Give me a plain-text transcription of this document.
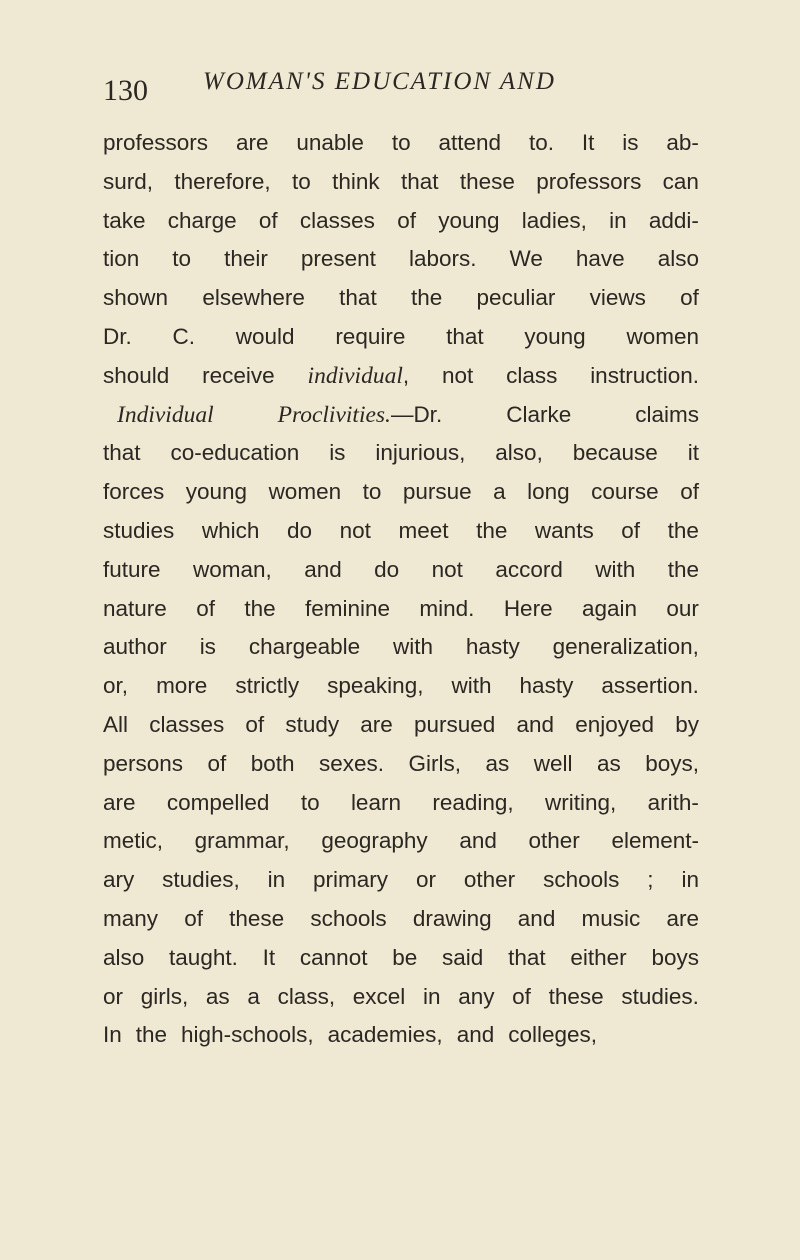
130 WOMAN'S EDUCATION AND
professors are unable to attend to. It is ab-
surd, therefore, to think that these professors can
take charge of classes of young ladies, in addi-
tion to their present labors. We have also
shown elsewhere that the peculiar views of
Dr. C. would require that young women
should receive individual, not class instruction.
Individual	Proclivities.—Dr.	Clarke	claims
that co-education is injurious, also, because it
forces young women to pursue a long course of
studies which do not meet the wants of the
future woman, and do not accord with the
nature of the feminine mind. Here again our
author is chargeable with hasty generalization,
or, more strictly speaking, with hasty assertion.
All classes of study are pursued and enjoyed by
persons of both sexes. Girls, as well as boys,
are compelled to learn reading, writing, arith-
metic, grammar, geography and other element-
ary studies, in primary or other schools ; in
many of these schools drawing and music are
also taught. It cannot be said that either boys
or girls, as a class, excel in any of these studies.
In the high-schools, academies, and colleges,
